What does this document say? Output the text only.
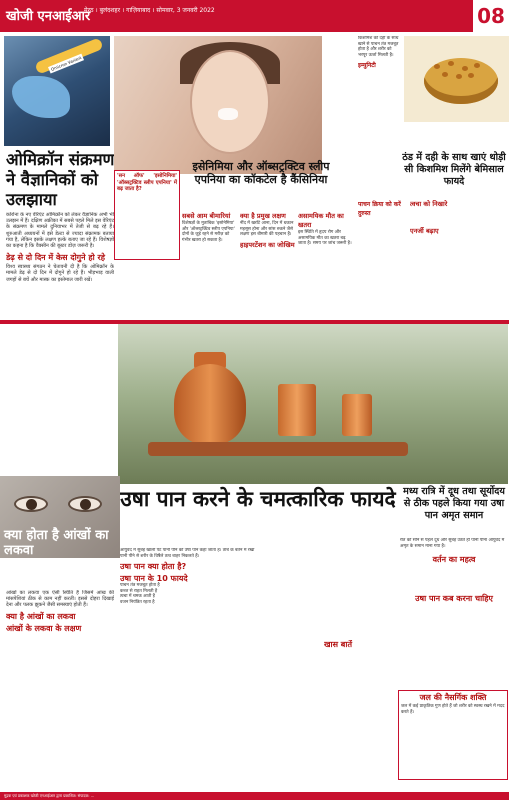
खोजी एनआईआर
मेरठ । बुलंदशहर । गाज़ियाबाद । सोमवार, 3 जनवरी 2022	08
Omicron Variant
ओमिक्रॉन संक्रमण ने वैज्ञानिकों को उलझाया
कोरोना के नए वेरिएंट ओमिक्रॉन को लेकर वैज्ञानिक अभी भी उलझन में हैं। दक्षिण अफ्रीका में सबसे पहले मिले इस वेरिएंट के संक्रमण के मामले दुनियाभर में तेजी से बढ़ रहे हैं। शुरुआती अध्ययनों में इसे डेल्टा से ज्यादा संक्रामक बताया गया है, लेकिन इसके लक्षण हल्के बताए जा रहे हैं। विशेषज्ञों का कहना है कि वैक्सीन की बूस्टर डोज़ जरूरी है।
डेढ़ से दो दिन में केस दोगुने हो रहे
विश्व स्वास्थ्य संगठन ने चेतावनी दी है कि ओमिक्रॉन के मामले डेढ़ से दो दिन में दोगुने हो रहे हैं। भीड़भाड़ वाली जगहों से बचें और मास्क का इस्तेमाल जारी रखें।
'सन ऑफ' 'इसोनिमिया' 'ऑब्सट्रक्टिव स्लीप एपनिया' में बढ़ जाता है?
इसेनिमिया और ऑब्सट्रक्टिव स्लीप एपनिया का कॉकटेल है कैंसिनिया
सबसे आम बीमारियां
विशेषज्ञों के मुताबिक 'इसोनेमिया' और 'ऑब्सट्रक्टिव स्लीप एपनिया' दोनों के जुड़े रहने से मरीज़ को गंभीर खतरा हो सकता है।
क्या है प्रमुख लक्षण
नींद में खर्राटे आना, दिन में थकान महसूस होना और सांस रुकने जैसे लक्षण इस बीमारी की पहचान हैं।
हाइपरटेंशन का जोखिम
असामयिक मौत का खतरा
इस स्थिति में हृदय रोग और असामयिक मौत का खतरा बढ़ जाता है। समय पर जांच जरूरी है।
किशमिश को दही के साथ खाने से पाचन तंत्र मजबूत होता है और शरीर को भरपूर ऊर्जा मिलती है।
इम्युनिटी
ठंड में दही के साथ खाएं थोड़ी सी किशमिश मिलेंगे बेमिसाल फायदे
पाचन क्रिया को करें दुरुस्त
त्वचा को निखारे
एनर्जी बढ़ाए
उषा पान करने के चमत्कारिक फायदे
आयुर्वेद में सुबह खाली पेट पानी पीने को उषा पान कहा जाता है। तांबे के बर्तन में रखा पानी पीने से शरीर के विषैले तत्व बाहर निकलते हैं।
उषा पान क्या होता है?
उषा पान के 10 फायदे
पाचन तंत्र मजबूत होता है
कब्ज से राहत मिलती है
त्वचा में चमक आती है
वजन नियंत्रित रहता है
खास बातें
क्या होता है आंखों का लकवा
आंखों का लकवा एक ऐसी स्थिति है जिसमें आंख की मांसपेशियां ठीक से काम नहीं करतीं। इससे दोहरा दिखाई देना और पलक झुकने जैसी समस्याएं होती हैं।
क्या है आंखों का लकवा
आंखों के लकवा के लक्षण
मध्य रात्रि में दूध तथा सूर्योदय से ठीक पहले किया गया उषा पान अमृत समान
रात को सोने से पहले दूध और सुबह उठते ही पानी पीना आयुर्वेद में अमृत के समान माना गया है।
वर्तन का महत्व
उषा पान कब करना चाहिए
जल की नैसर्गिक शक्ति
जल में कई प्राकृतिक गुण होते हैं जो शरीर को स्वस्थ रखने में मदद करते हैं।
मुद्रक एवं प्रकाशक खोजी एनआईआर द्वारा प्रकाशित। संपादक: ...
